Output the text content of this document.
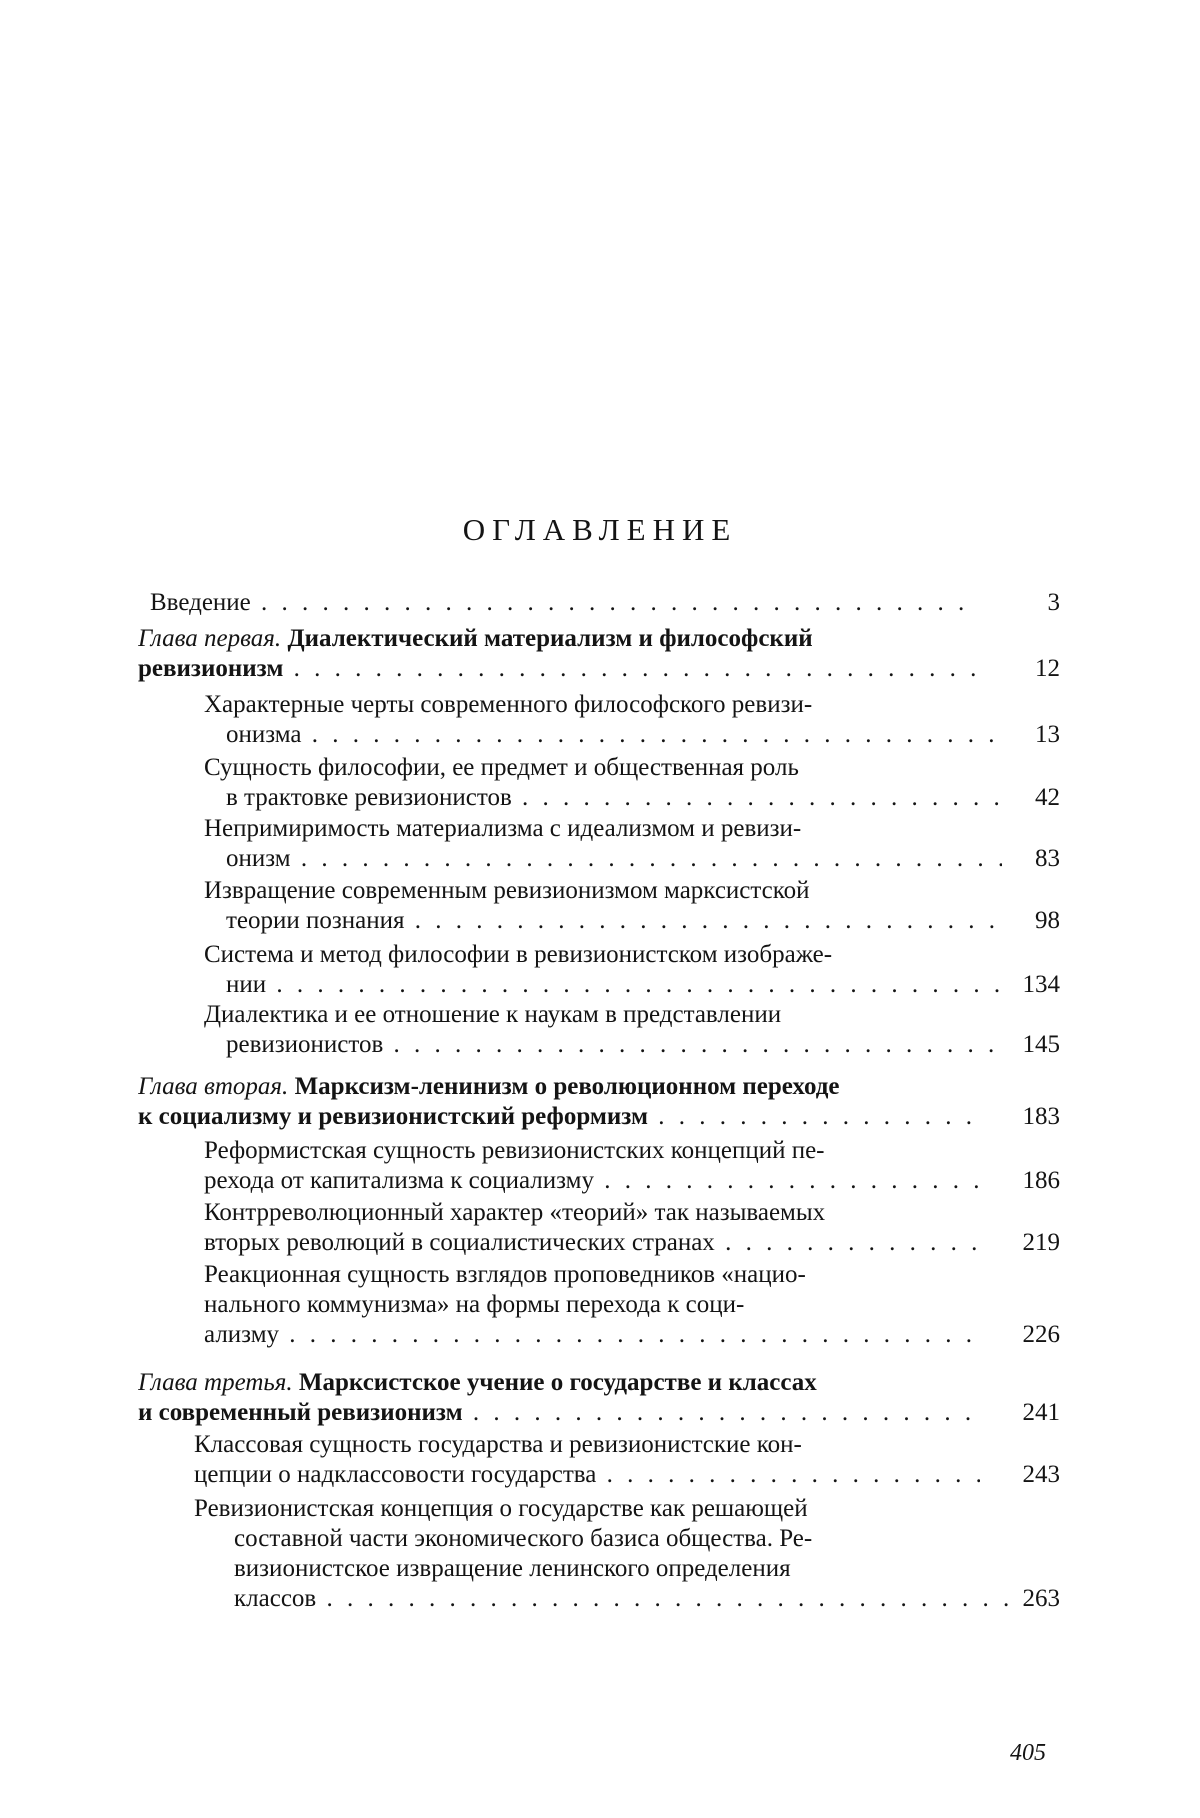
ОГЛАВЛЕНИЕ
Введение . . .	3
Глава первая. Диалектический материализм и философский
ревизионизм . . .	12
Характерные черты современного философского ревизи-
онизма . . .	13
Сущность философии, ее предмет и общественная роль
в трактовке ревизионистов . . .	42
Непримиримость материализма с идеализмом и ревизи-
онизм . . .	83
Извращение современным ревизионизмом марксистской
теории познания . . .	98
Система и метод философии в ревизионистском изображе-
нии . . .	134
Диалектика и ее отношение к наукам в представлении
ревизионистов . . .	145
Глава вторая. Марксизм-ленинизм о революционном переходе
к социализму и ревизионистский реформизм . . .	183
Реформистская сущность ревизионистских концепций пе-
рехода от капитализма к социализму . . .	186
Контрреволюционный характер «теорий» так называемых
вторых революций в социалистических странах . . .	219
Реакционная сущность взглядов проповедников «нацио-
нального коммунизма» на формы перехода к соци-
ализму . . .	226
Глава третья. Марксистское учение о государстве и классах
и современный ревизионизм . . .	241
Классовая сущность государства и ревизионистские кон-
цепции о надклассовости государства . . .	243
Ревизионистская концепция о государстве как решающей
составной части экономического базиса общества. Ре-
визионистское извращение ленинского определения
классов . . .	263
405
